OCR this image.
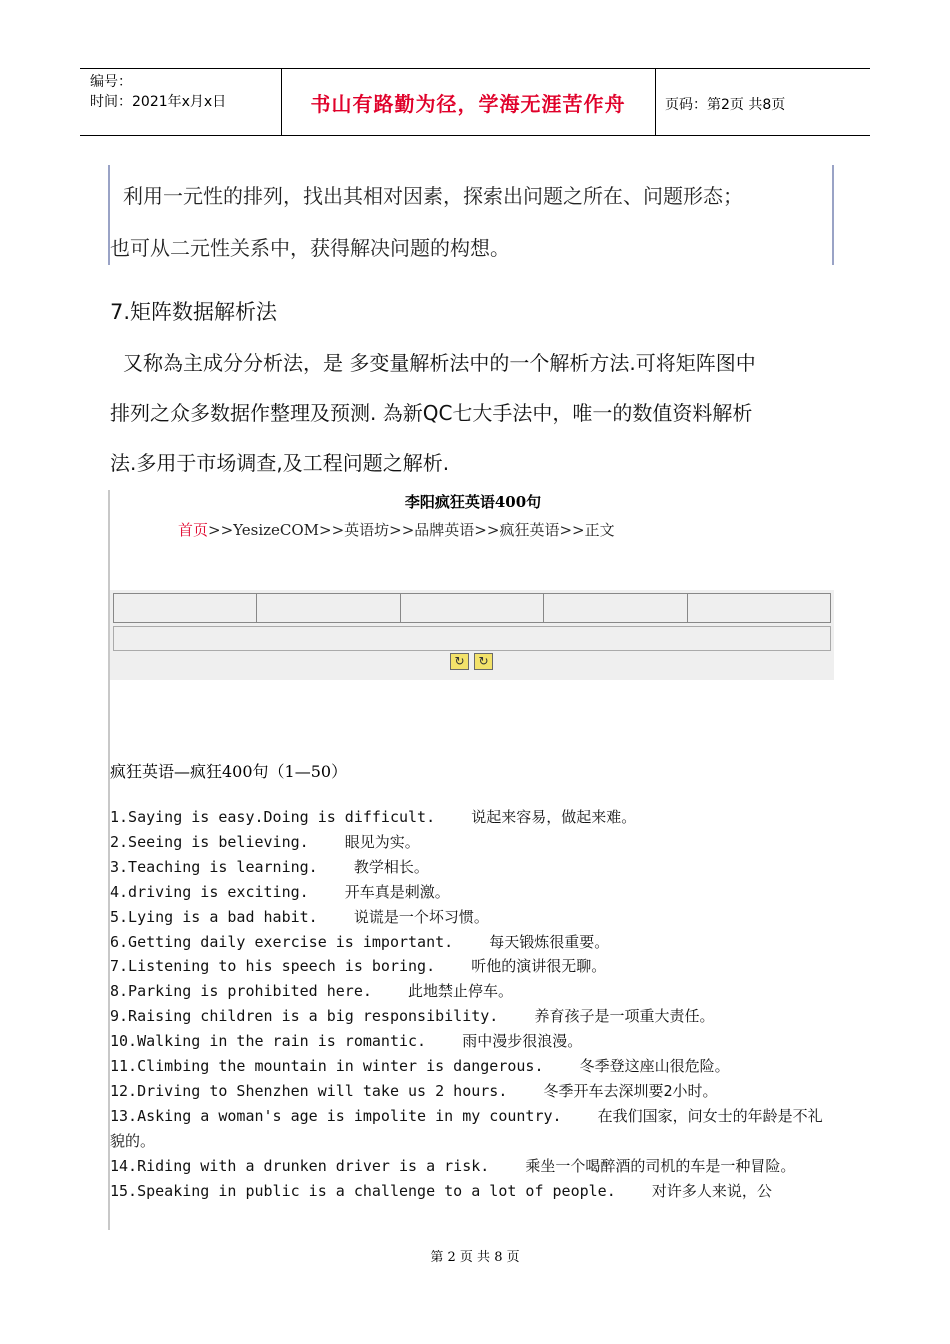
编号：
时间：2021年x月x日	书山有路勤为径，学海无涯苦作舟	页码：第2页 共8页

利用一元性的排列，找出其相对因素，探索出问题之所在、问题形态；

也可从二元性关系中，获得解决问题的构想。

7.矩阵数据解析法

又称為主成分分析法，是 多变量解析法中的一个解析方法.可将矩阵图中

排列之众多数据作整理及预测. 為新QC七大手法中，唯一的数值资料解析

法.多用于市场调查,及工程问题之解析.

李阳疯狂英语400句
首页>>YesizeCOM>>英语坊>>品牌英语>>疯狂英语>>正文
↻	↻
疯狂英语—疯狂400句（1—50）
1.Saying is easy.Doing is difficult.    说起来容易，做起来难。
2.Seeing is believing.    眼见为实。
3.Teaching is learning.    教学相长。
4.driving is exciting.    开车真是刺激。
5.Lying is a bad habit.    说谎是一个坏习惯。
6.Getting daily exercise is important.    每天锻炼很重要。
7.Listening to his speech is boring.    听他的演讲很无聊。
8.Parking is prohibited here.    此地禁止停车。
9.Raising children is a big responsibility.    养育孩子是一项重大责任。
10.Walking in the rain is romantic.    雨中漫步很浪漫。
11.Climbing the mountain in winter is dangerous.    冬季登这座山很危险。
12.Driving to Shenzhen will take us 2 hours.    冬季开车去深圳要2小时。
13.Asking a woman's age is impolite in my country.    在我们国家，问女士的年龄是不礼貌的。
14.Riding with a drunken driver is a risk.    乘坐一个喝醉酒的司机的车是一种冒险。
15.Speaking in public is a challenge to a lot of people.    对许多人来说，公
第 2 页 共 8 页
